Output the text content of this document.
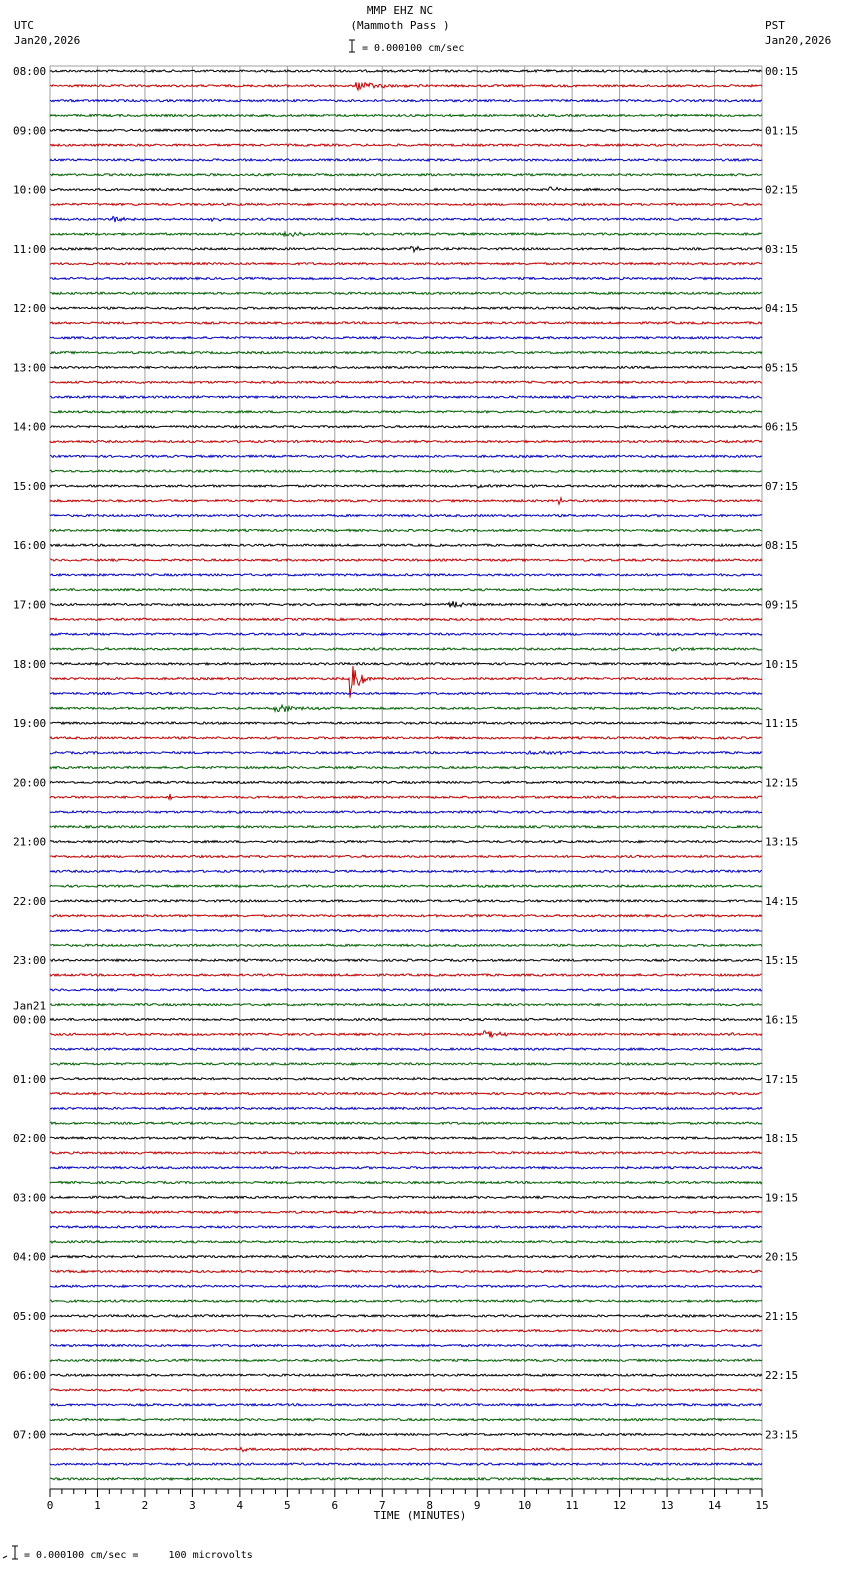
MMP EHZ NC
(Mammoth Pass )
= 0.000100 cm/sec
UTC
Jan20,2026
PST
Jan20,2026
08:00	00:15
09:00	01:15
10:00	02:15
11:00	03:15
12:00	04:15
13:00	05:15
14:00	06:15
15:00	07:15
16:00	08:15
17:00	09:15
18:00	10:15
19:00	11:15
20:00	12:15
21:00	13:15
22:00	14:15
23:00	15:15
00:00	16:15
Jan21
01:00	17:15
02:00	18:15
03:00	19:15
04:00	20:15
05:00	21:15
06:00	22:15
07:00	23:15
0	1	2	3	4	5	6	7	8	9	10	11	12	13	14	15
TIME (MINUTES)
= 0.000100 cm/sec =     100 microvolts
